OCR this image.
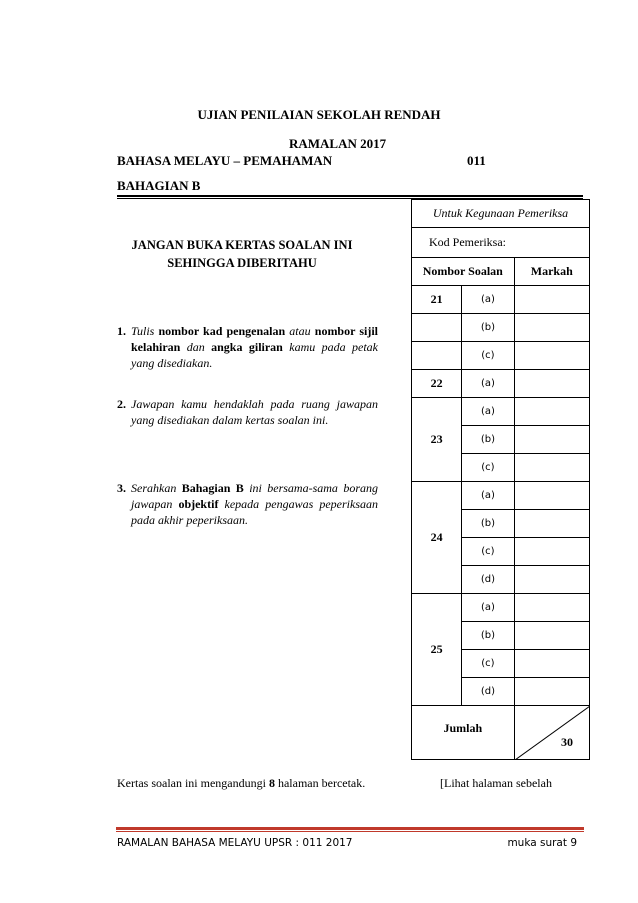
UJIAN PENILAIAN SEKOLAH RENDAH
RAMALAN 2017
BAHASA MELAYU – PEMAHAMAN	011
BAHAGIAN B
JANGAN BUKA KERTAS SOALAN INI
SEHINGGA DIBERITAHU
1. Tulis nombor kad pengenalan atau nombor sijil kelahiran dan angka giliran kamu pada petak yang disediakan.
2. Jawapan kamu hendaklah pada ruang jawapan yang disediakan dalam kertas soalan ini.
3. Serahkan Bahagian B ini bersama-sama borang jawapan objektif kepada pengawas peperiksaan pada akhir peperiksaan.
Untuk Kegunaan Pemeriksa		
Kod Pemeriksa:		
Nombor Soalan		Markah
21	(a)	
	(b)	
	(c)	
22	(a)	
23	(a)	
	(b)	
	(c)	
24	(a)	
	(b)	
	(c)	
	(d)	
25	(a)	
	(b)	
	(c)	
	(d)	
Jumlah		30
Kertas soalan ini mengandungi 8 halaman bercetak.	[Lihat halaman sebelah
RAMALAN BAHASA MELAYU UPSR : 011 2017	muka surat 9
